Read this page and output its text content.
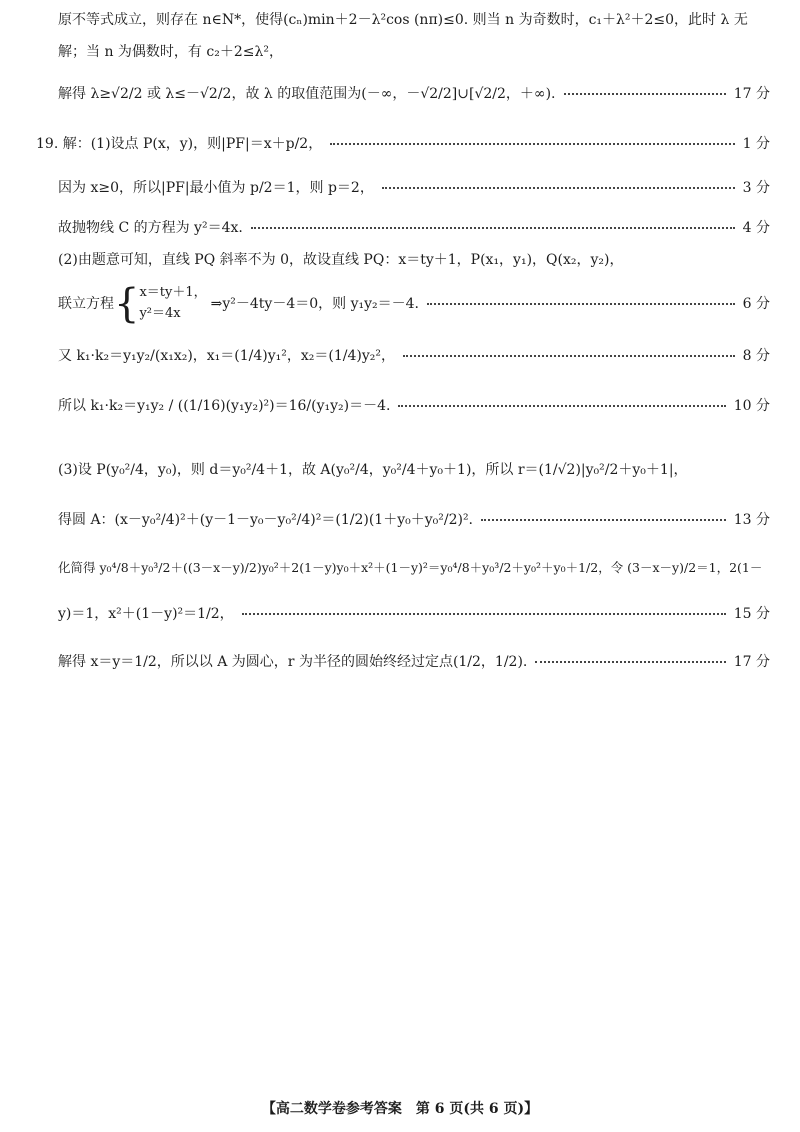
原不等式成立，则存在 n∈N*，使得(cₙ)min＋2－λ²cos (nπ)≤0. 则当 n 为奇数时，c₁＋λ²＋2≤0，此时 λ 无
解；当 n 为偶数时，有 c₂＋2≤λ²，
解得 λ≥√2/2 或 λ≤－√2/2，故 λ 的取值范围为(－∞，－√2/2]∪[√2/2，＋∞).	17 分
19. 解：(1)设点 P(x，y)，则|PF|＝x＋p/2，	1 分
因为 x≥0，所以|PF|最小值为 p/2＝1，则 p＝2，	3 分
故抛物线 C 的方程为 y²＝4x.	4 分
(2)由题意可知，直线 PQ 斜率不为 0，故设直线 PQ：x＝ty＋1，P(x₁，y₁)，Q(x₂，y₂)，
联立方程 { x＝ty＋1，
y²＝4x
⇒y²－4ty－4＝0，则 y₁y₂＝－4.	6 分
又 k₁·k₂＝y₁y₂/(x₁x₂)，x₁＝(1/4)y₁²，x₂＝(1/4)y₂²，	8 分
所以 k₁·k₂＝y₁y₂ / ((1/16)(y₁y₂)²)＝16/(y₁y₂)＝－4.	10 分
(3)设 P(y₀²/4，y₀)，则 d＝y₀²/4＋1，故 A(y₀²/4，y₀²/4＋y₀＋1)，所以 r＝(1/√2)|y₀²/2＋y₀＋1|，
得圆 A：(x－y₀²/4)²＋(y－1－y₀－y₀²/4)²＝(1/2)(1＋y₀＋y₀²/2)².	13 分
化简得 y₀⁴/8＋y₀³/2＋((3－x－y)/2)y₀²＋2(1－y)y₀＋x²＋(1－y)²＝y₀⁴/8＋y₀³/2＋y₀²＋y₀＋1/2，令 (3－x－y)/2＝1，2(1－
y)＝1，x²＋(1－y)²＝1/2，	15 分
解得 x＝y＝1/2，所以以 A 为圆心，r 为半径的圆始终经过定点(1/2，1/2).	17 分
【高二数学卷参考答案　第 6 页(共 6 页)】
